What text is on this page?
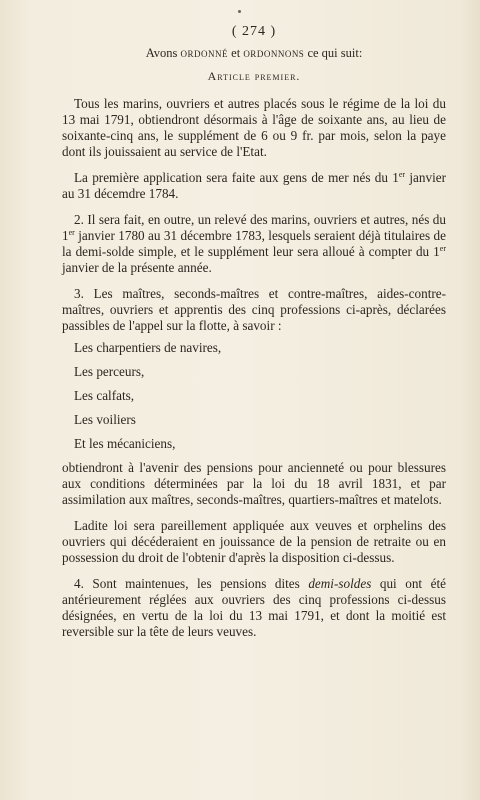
( 274 )
Avons ordonné et ordonnons ce qui suit:
Article premier.

Tous les marins, ouvriers et autres placés sous le régime de la loi du 13 mai 1791, obtiendront désormais à l'âge de soixante ans, au lieu de soixante-cinq ans, le supplément de 6 ou 9 fr. par mois, selon la paye dont ils jouissaient au service de l'Etat.

La première application sera faite aux gens de mer nés du 1er janvier au 31 décemdre 1784.

2. Il sera fait, en outre, un relevé des marins, ouvriers et autres, nés du 1er janvier 1780 au 31 décembre 1783, lesquels seraient déjà titulaires de la demi-solde simple, et le supplément leur sera alloué à compter du 1er janvier de la présente année.

3. Les maîtres, seconds-maîtres et contre-maîtres, aides-contre-maîtres, ouvriers et apprentis des cinq professions ci-après, déclarées passibles de l'appel sur la flotte, à savoir :

Les charpentiers de navires,

Les perceurs,

Les calfats,

Les voiliers

Et les mécaniciens,

obtiendront à l'avenir des pensions pour ancienneté ou pour blessures aux conditions déterminées par la loi du 18 avril 1831, et par assimilation aux maîtres, seconds-maîtres, quartiers-maîtres et matelots.

Ladite loi sera pareillement appliquée aux veuves et orphelins des ouvriers qui décéderaient en jouissance de la pension de retraite ou en possession du droit de l'obtenir d'après la disposition ci-dessus.

4. Sont maintenues, les pensions dites demi-soldes qui ont été antérieurement réglées aux ouvriers des cinq professions ci-dessus désignées, en vertu de la loi du 13 mai 1791, et dont la moitié est reversible sur la tête de leurs veuves.
